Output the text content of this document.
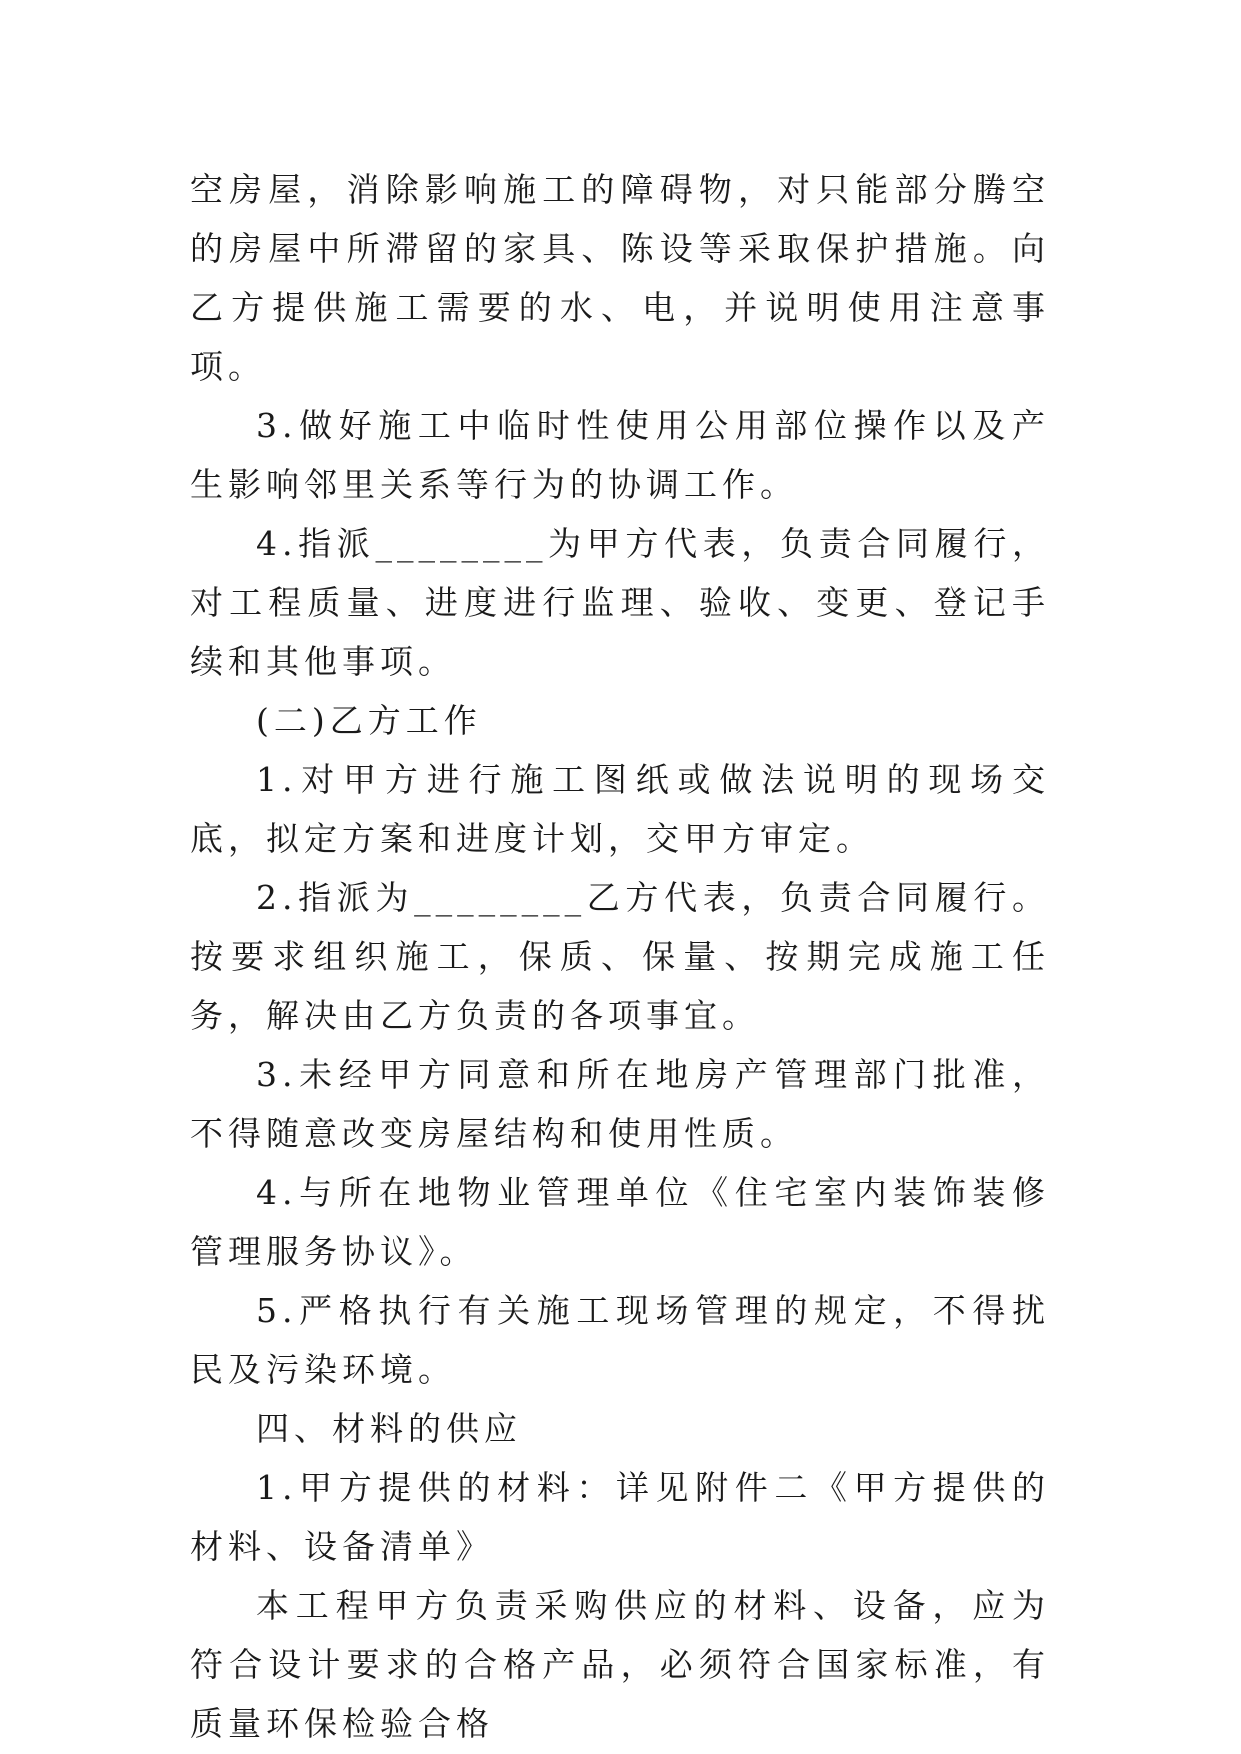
空房屋，消除影响施工的障碍物，对只能部分腾空的房屋中所滞留的家具、陈设等采取保护措施。向乙方提供施工需要的水、电，并说明使用注意事项。

3.做好施工中临时性使用公用部位操作以及产生影响邻里关系等行为的协调工作。

4.指派________为甲方代表，负责合同履行，对工程质量、进度进行监理、验收、变更、登记手续和其他事项。

(二)乙方工作

1.对甲方进行施工图纸或做法说明的现场交底，拟定方案和进度计划，交甲方审定。

2.指派为________乙方代表，负责合同履行。按要求组织施工，保质、保量、按期完成施工任务，解决由乙方负责的各项事宜。

3.未经甲方同意和所在地房产管理部门批准，不得随意改变房屋结构和使用性质。

4.与所在地物业管理单位《住宅室内装饰装修管理服务协议》。

5.严格执行有关施工现场管理的规定，不得扰民及污染环境。

四、材料的供应

1.甲方提供的材料：详见附件二《甲方提供的材料、设备清单》

本工程甲方负责采购供应的材料、设备，应为符合设计要求的合格产品，必须符合国家标准，有质量环保检验合格
